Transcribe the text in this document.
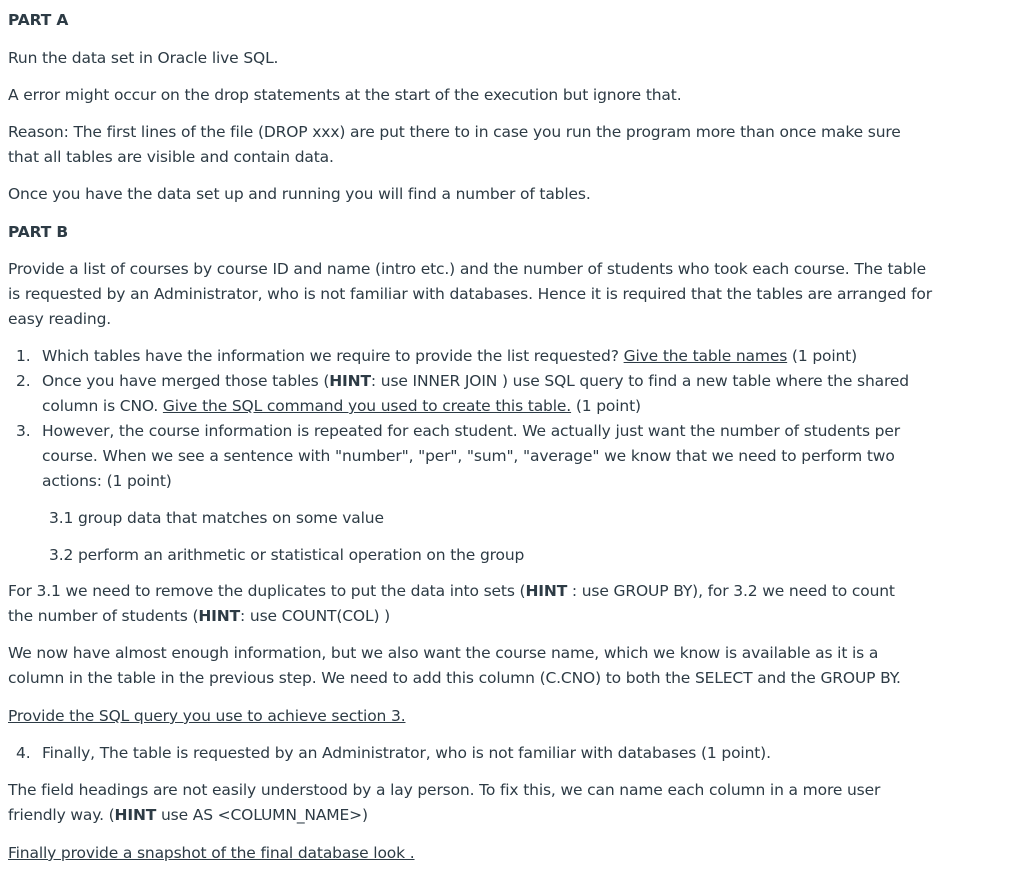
PART A
Run the data set in Oracle live SQL.
A error might occur on the drop statements at the start of the execution but ignore that.
Reason: The first lines of the file (DROP xxx) are put there to in case you run the program more than once make sure
that all tables are visible and contain data.
Once you have the data set up and running you will find a number of tables.
PART B
Provide a list of courses by course ID and name (intro etc.) and the number of students who took each course. The table
is requested by an Administrator, who is not familiar with databases. Hence it is required that the tables are arranged for
easy reading.
1. Which tables have the information we require to provide the list requested? Give the table names (1 point)
2. Once you have merged those tables (HINT: use INNER JOIN ) use SQL query to find a new table where the shared
column is CNO. Give the SQL command you used to create this table. (1 point)
3. However, the course information is repeated for each student. We actually just want the number of students per
course. When we see a sentence with "number", "per", "sum", "average" we know that we need to perform two
actions: (1 point)
3.1 group data that matches on some value
3.2 perform an arithmetic or statistical operation on the group
For 3.1 we need to remove the duplicates to put the data into sets (HINT : use GROUP BY), for 3.2 we need to count
the number of students (HINT: use COUNT(COL) )
We now have almost enough information, but we also want the course name, which we know is available as it is a
column in the table in the previous step. We need to add this column (C.CNO) to both the SELECT and the GROUP BY.
Provide the SQL query you use to achieve section 3.
4. Finally, The table is requested by an Administrator, who is not familiar with databases (1 point).
The field headings are not easily understood by a lay person. To fix this, we can name each column in a more user
friendly way. (HINT use AS <COLUMN_NAME>)
Finally provide a snapshot of the final database look .
